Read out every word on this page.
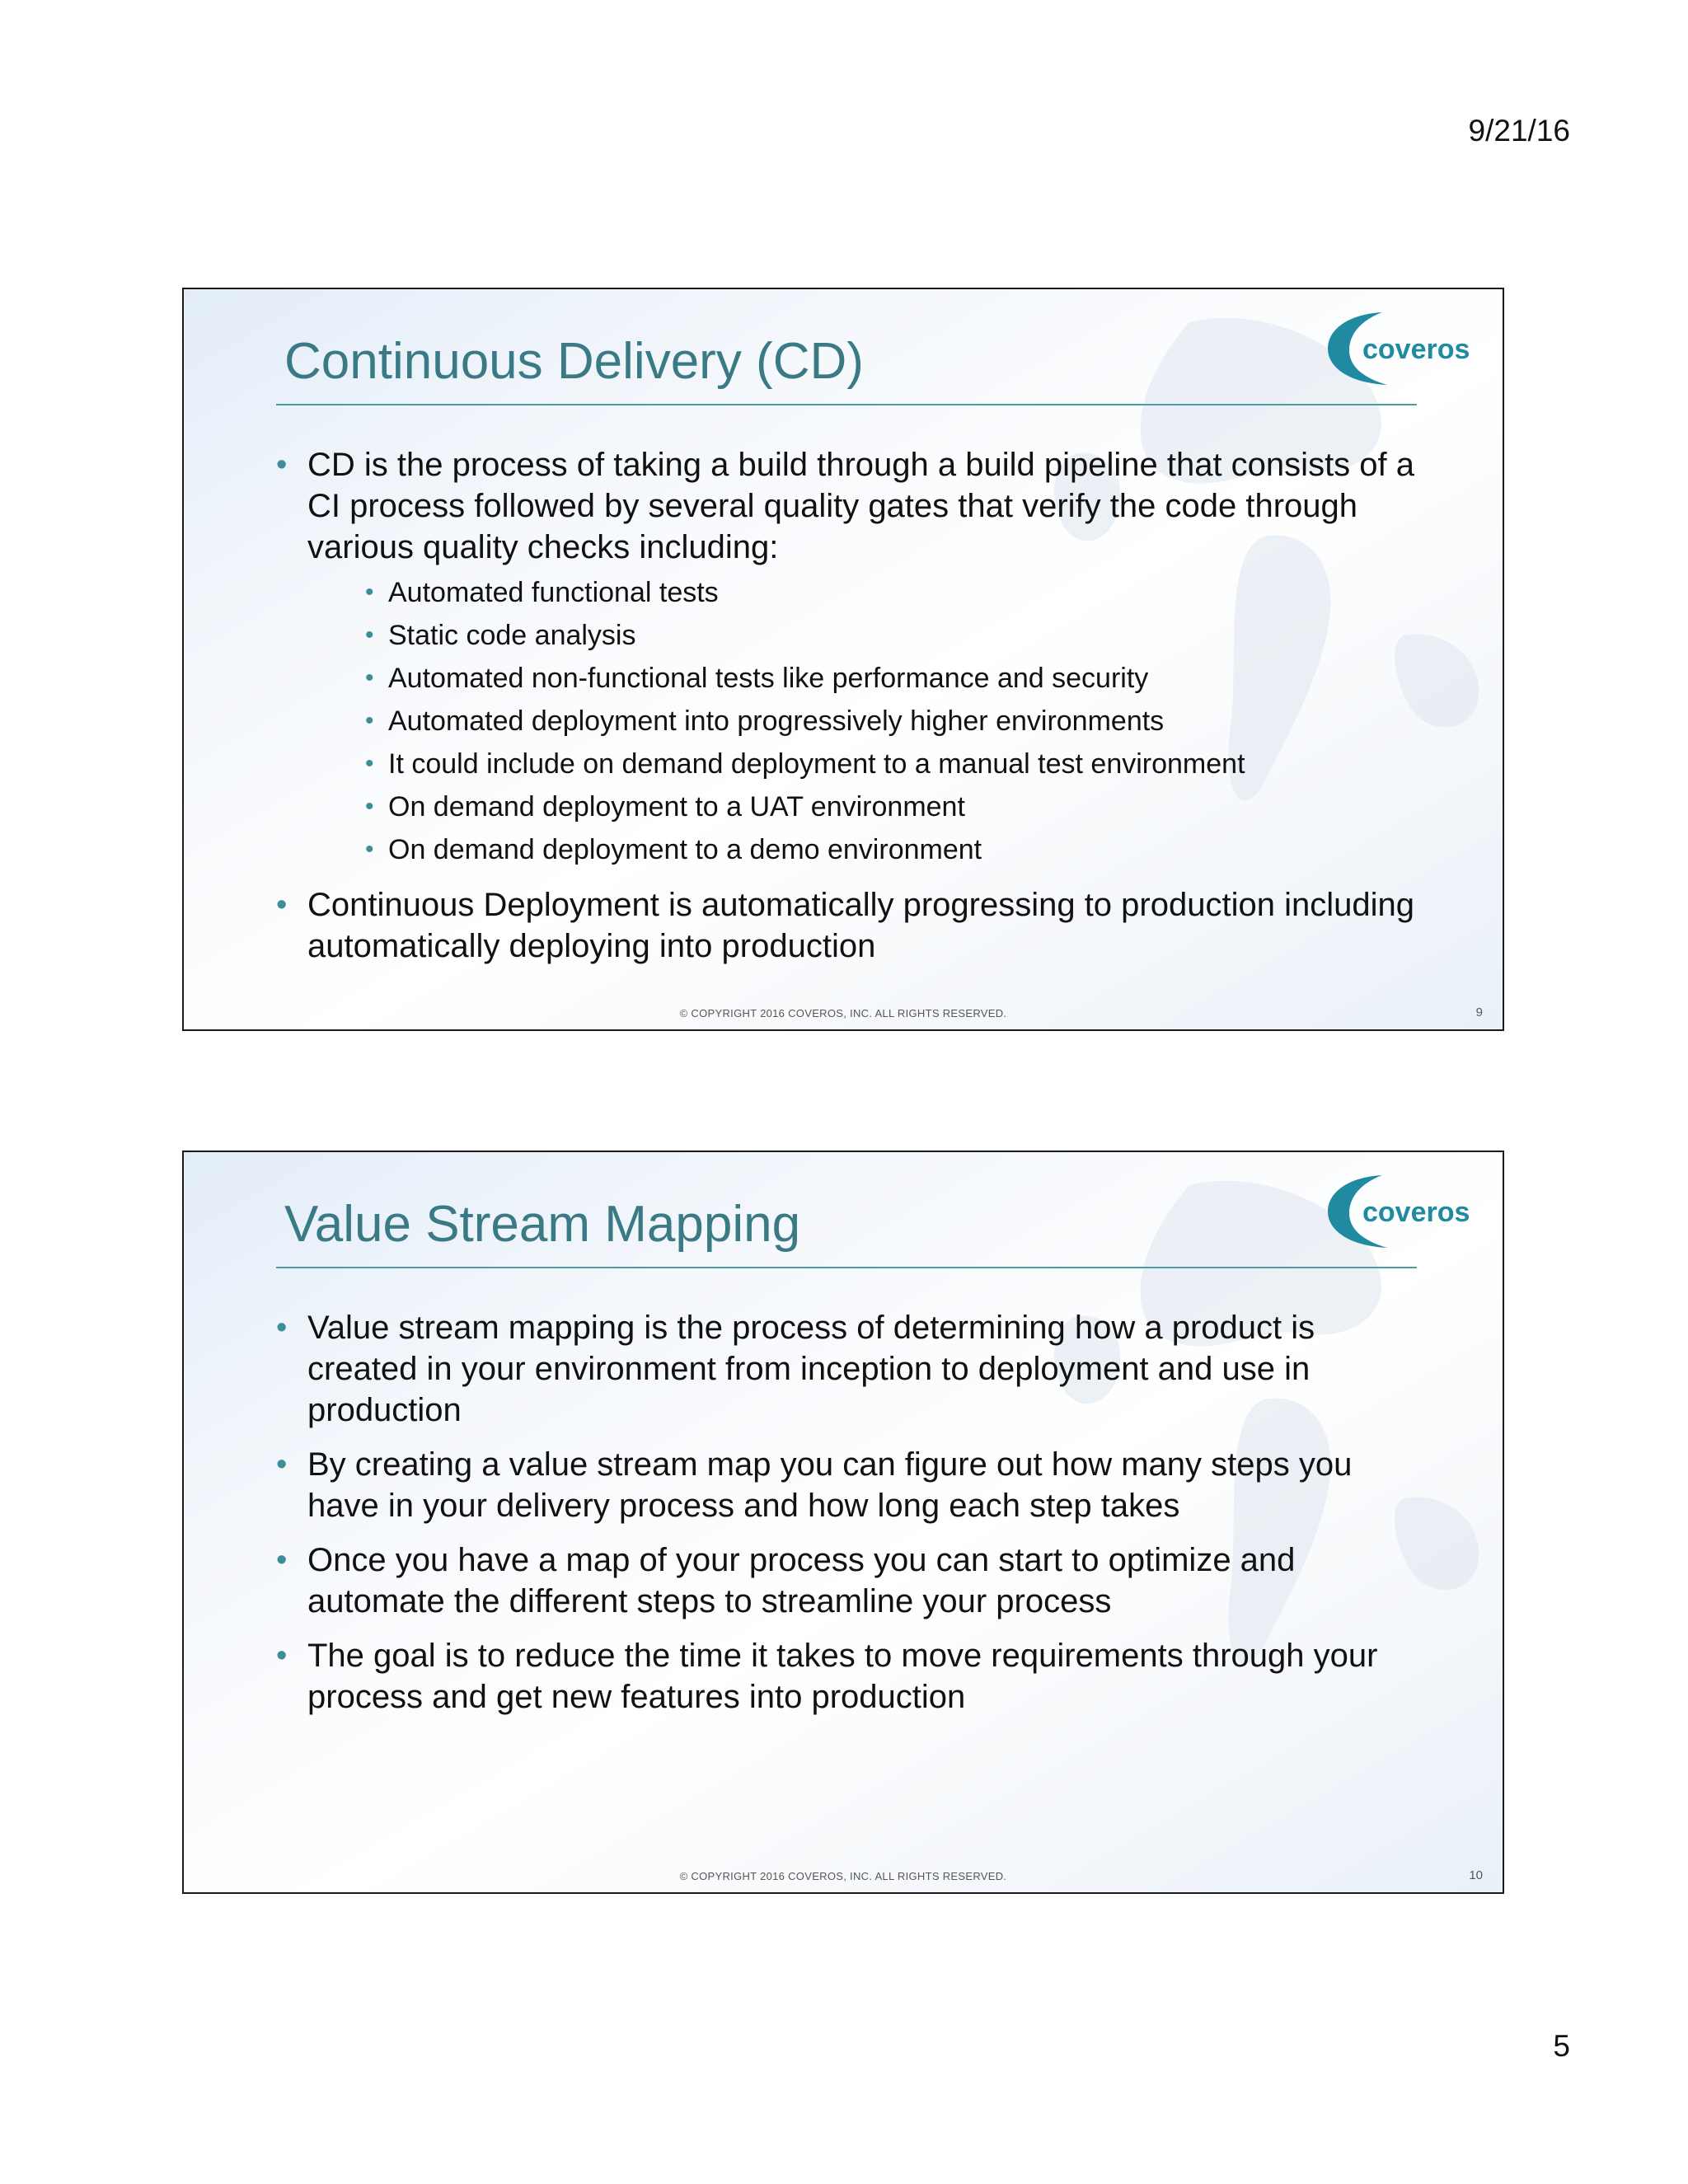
9/21/16
Continuous Delivery (CD)	coveros
• CD is the process of taking a build through a build pipeline that consists of a CI process followed by several quality gates that verify the code through various quality checks including:
• Automated functional tests
• Static code analysis
• Automated non-functional tests like performance and security
• Automated deployment into progressively higher environments
• It could include on demand deployment to a manual test environment
• On demand deployment to a UAT environment
• On demand deployment to a demo environment
• Continuous Deployment is automatically progressing to production including automatically deploying into production
© COPYRIGHT 2016 COVEROS, INC. ALL RIGHTS RESERVED.	9
Value Stream Mapping	coveros
• Value stream mapping is the process of determining how a product is created in your environment from inception to deployment and use in production
• By creating a value stream map you can figure out how many steps you have in your delivery process and how long each step takes
• Once you have a map of your process you can start to optimize and automate the different steps to streamline your process
• The goal is to reduce the time it takes to move requirements through your process and get new features into production
© COPYRIGHT 2016 COVEROS, INC. ALL RIGHTS RESERVED.	10
5
